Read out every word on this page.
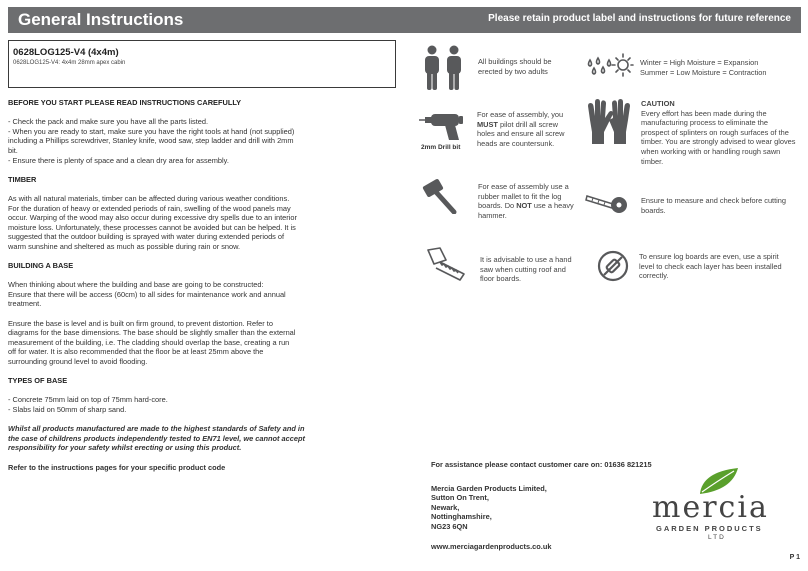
General Instructions	Please retain product label and instructions for future reference
0628LOG125-V4 (4x4m)
0628LOG125-V4: 4x4m 28mm apex cabin
BEFORE YOU START PLEASE READ INSTRUCTIONS CAREFULLY

- Check the pack and make sure you have all the parts listed.

- When you are ready to start, make sure you have the right tools at hand (not supplied)

including a Phillips screwdriver, Stanley knife, wood saw, step ladder and drill with 2mm

bit.

- Ensure there is plenty of space and a clean dry area for assembly.

TIMBER

As with all natural materials, timber can be affected during various weather conditions.

For the duration of heavy or extended periods of rain, swelling of the wood panels may

occur. Warping of the wood may also occur during excessive dry spells due to an interior

moisture loss. Unfortunately, these processes cannot be avoided but can be helped. It is

suggested that the outdoor building is sprayed with water during extended periods of

warm sunshine and sheltered as much as possible during rain or snow.

BUILDING A BASE

When thinking about where the building and base are going to be constructed:

Ensure that there will be access (60cm) to all sides for maintenance work and annual

treatment.

Ensure the base is level and is built on firm ground, to prevent distortion. Refer to

diagrams for the base dimensions. The base should be slightly smaller than the external

measurement of the building, i.e. The cladding should overlap the base, creating a run

off for water. It is also recommended that the floor be at least 25mm above the

surrounding ground level to avoid flooding.

TYPES OF BASE

- Concrete 75mm laid on top of 75mm hard-core.

- Slabs laid on 50mm of sharp sand.

Whilst all products manufactured are made to the highest standards of Safety and in

the case of childrens products independently tested to EN71 level, we cannot accept

responsibility for your safety whilst erecting or using this product.

Refer to the instructions pages for your specific product code

All buildings should be
erected by two adults
Winter = High Moisture = Expansion
Summer = Low Moisture = Contraction
2mm Drill bit
For ease of assembly, you
MUST pilot drill all screw
holes and ensure all screw
heads are countersunk.
CAUTION
Every effort has been made during the
manufacturing process to eliminate the
prospect of splinters on rough surfaces of the
timber. You are strongly advised to wear gloves
when working with or handling rough sawn
timber.
For ease of assembly use a
rubber mallet to fit the log
boards. Do NOT use a heavy
hammer.
Ensure to measure and check before cutting
boards.
It is advisable to use a hand
saw when cutting roof and
floor boards.
To ensure log boards are even, use a spirit
level to check each layer has been installed
correctly.
For assistance please contact customer care on: 01636 821215
Mercia Garden Products Limited,
Sutton On Trent,
Newark,
Nottinghamshire,
NG23 6QN
www.merciagardenproducts.co.uk
mercia
GARDEN PRODUCTS
LTD
P 1
